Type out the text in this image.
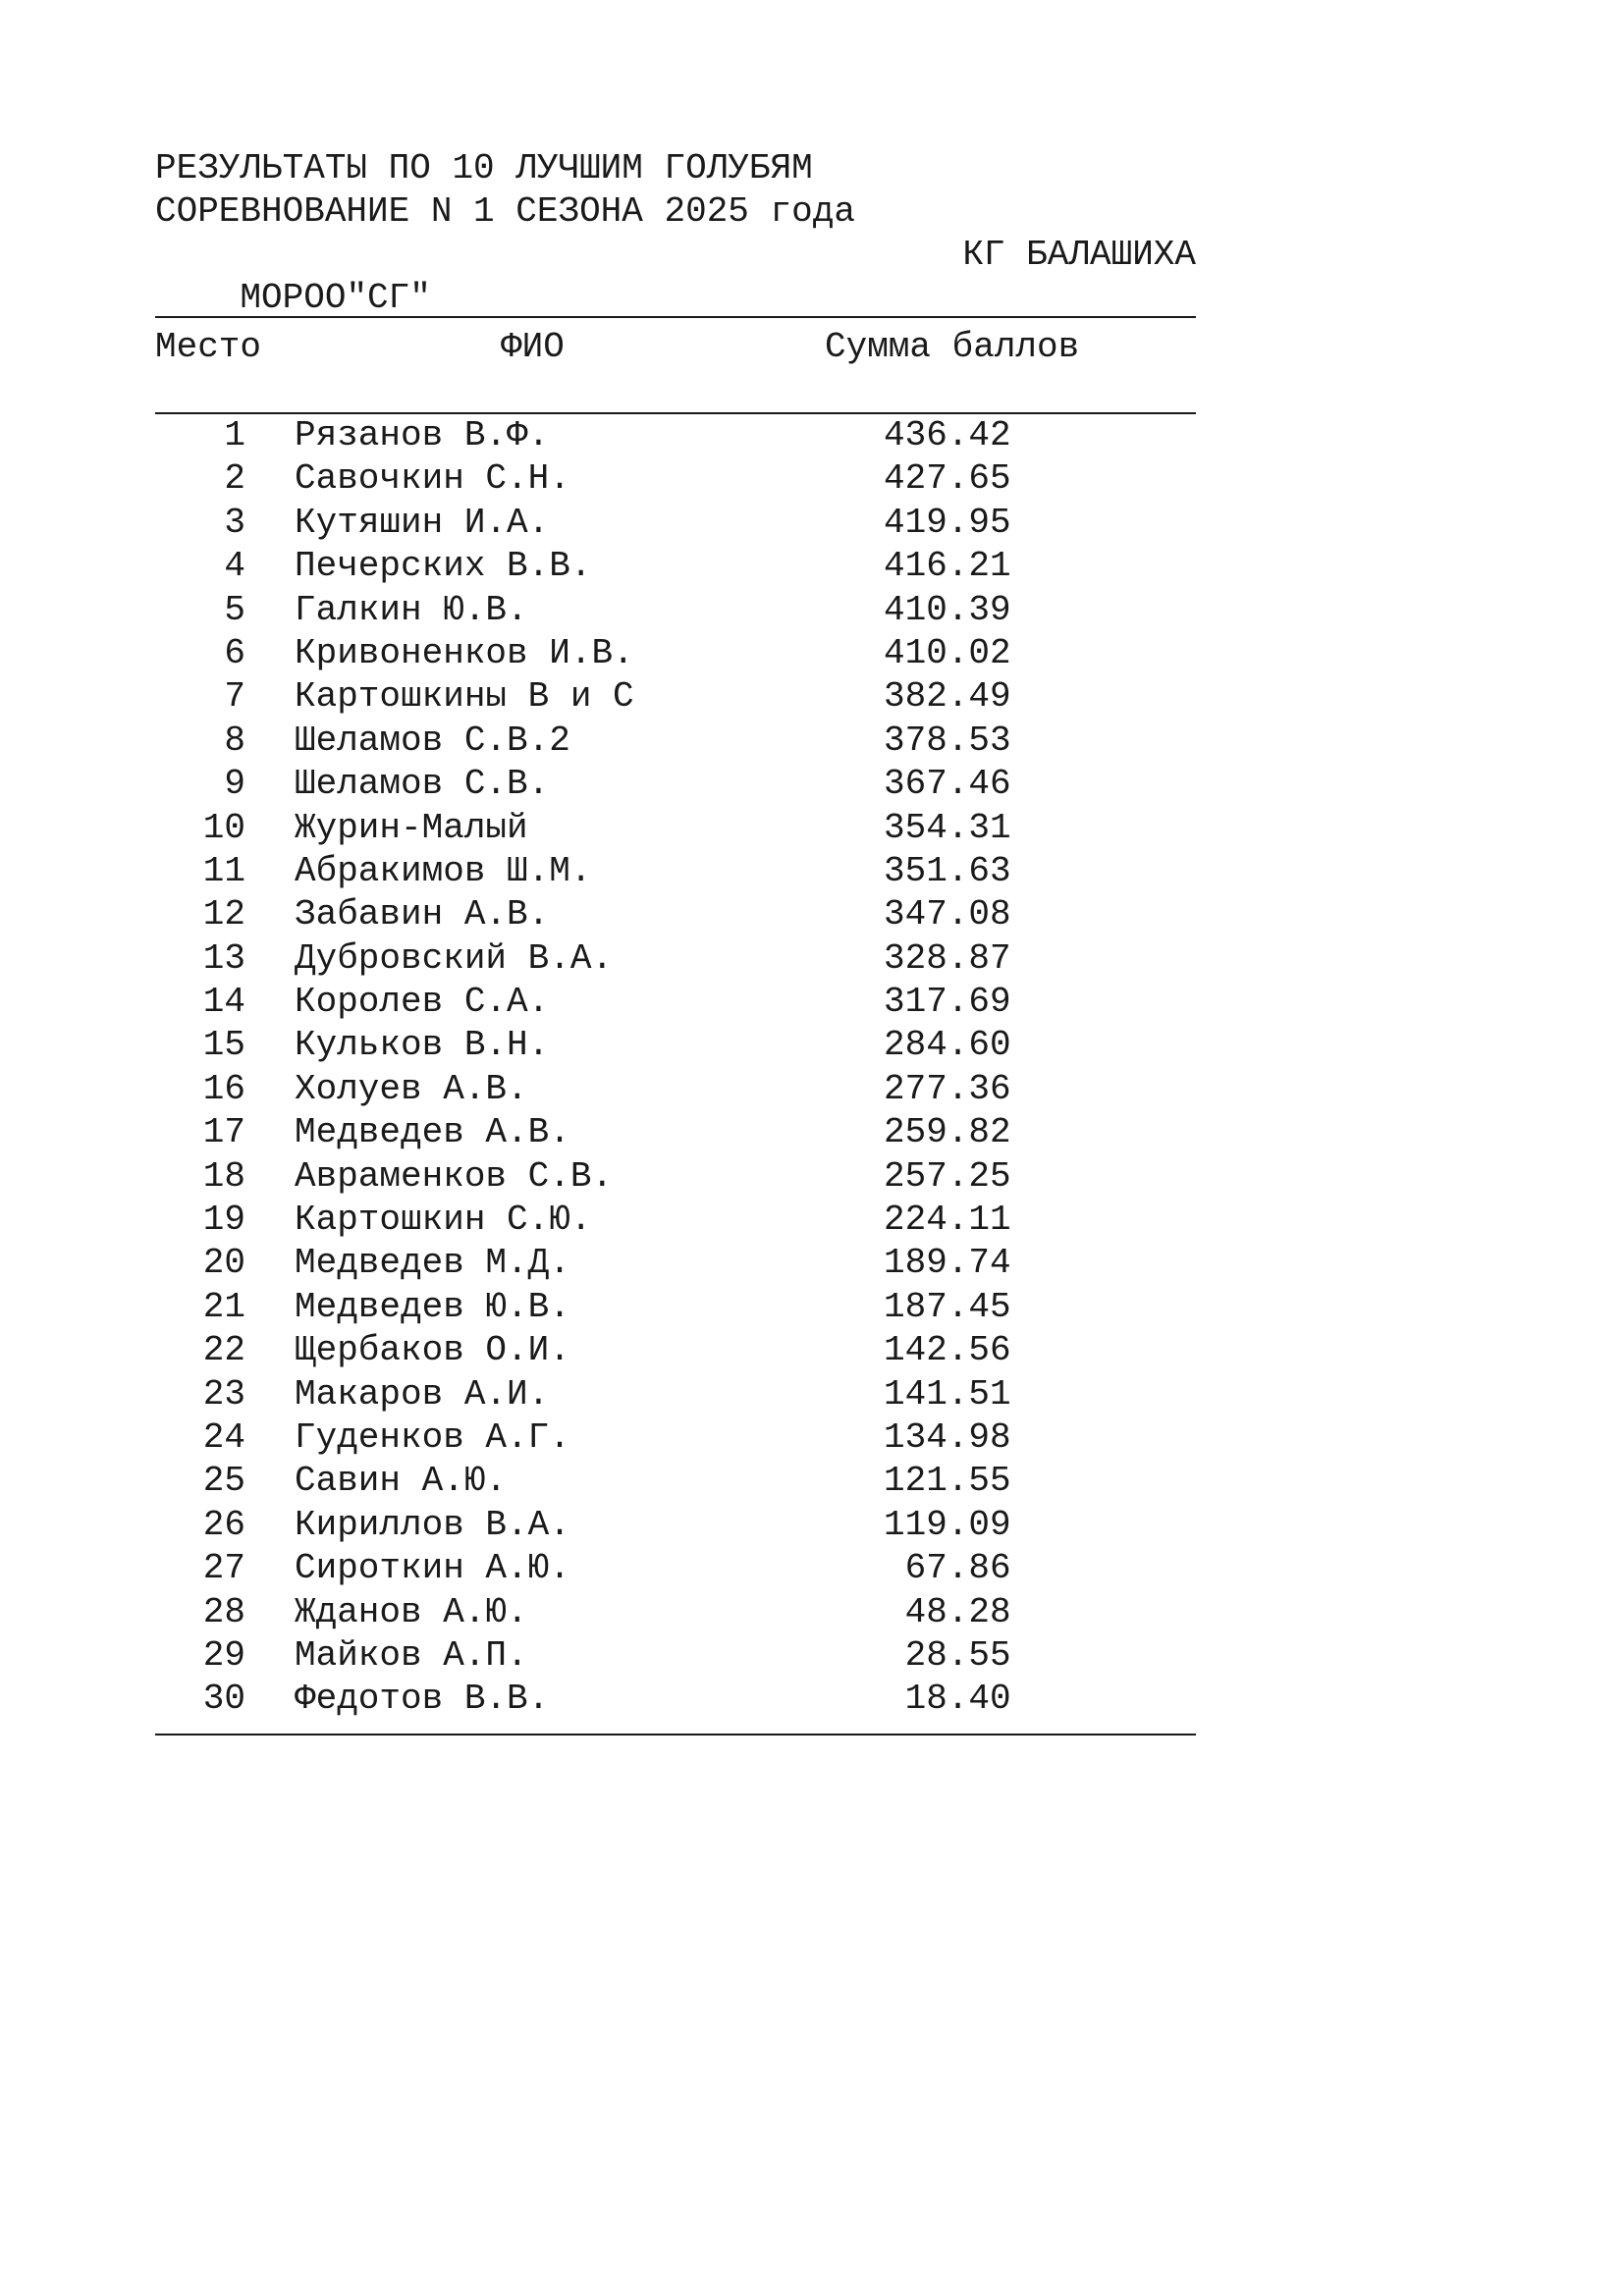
РЕЗУЛЬТАТЫ ПО 10 ЛУЧШИМ ГОЛУБЯМ
СОРЕВНОВАНИЕ N 1 СЕЗОНА 2025 года

МОРОО"СГ"

КГ БАЛАШИХА

Место	ФИО	Сумма баллов
1 Рязанов В.Ф.	436.42
2 Савочкин С.Н.	427.65
3 Кутяшин И.А.	419.95
4 Печерских В.В.	416.21
5 Галкин Ю.В.	410.39
6 Кривоненков И.В.	410.02
7 Картошкины В и С	382.49
8 Шеламов С.В.2	378.53
9 Шеламов С.В.	367.46
10 Журин-Малый	354.31
11 Абракимов Ш.М.	351.63
12 Забавин А.В.	347.08
13 Дубровский В.А.	328.87
14 Королев С.А.	317.69
15 Кульков В.Н.	284.60
16 Холуев А.В.	277.36
17 Медведев А.В.	259.82
18 Авраменков С.В.	257.25
19 Картошкин С.Ю.	224.11
20 Медведев М.Д.	189.74
21 Медведев Ю.В.	187.45
22 Щербаков О.И.	142.56
23 Макаров А.И.	141.51
24 Гуденков А.Г.	134.98
25 Савин А.Ю.	121.55
26 Кириллов В.А.	119.09
27 Сироткин А.Ю.	67.86
28 Жданов А.Ю.	48.28
29 Майков А.П.	28.55
30 Федотов В.В.	18.40
